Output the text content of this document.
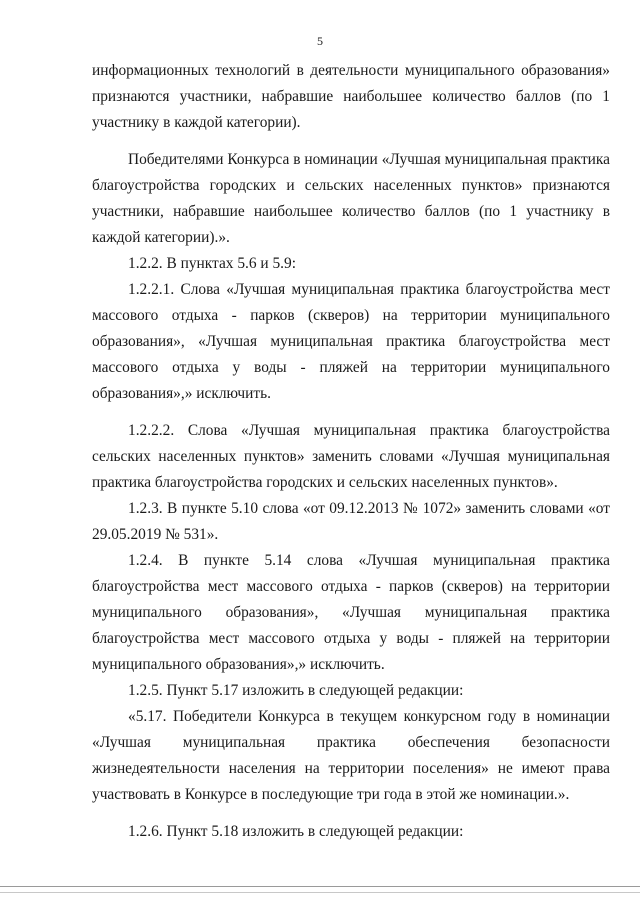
5

информационных технологий в деятельности муниципального образования» признаются участники, набравшие наибольшее количество баллов (по 1 участнику в каждой категории).

Победителями Конкурса в номинации «Лучшая муниципальная практика благоустройства городских и сельских населенных пунктов» признаются участники, набравшие наибольшее количество баллов (по 1 участнику в каждой категории).».

1.2.2. В пунктах 5.6 и 5.9:

1.2.2.1. Слова «Лучшая муниципальная практика благоустройства мест массового отдыха - парков (скверов) на территории муниципального образования», «Лучшая муниципальная практика благоустройства мест массового отдыха у воды - пляжей на территории муниципального образования»,» исключить.

1.2.2.2. Слова «Лучшая муниципальная практика благоустройства сельских населенных пунктов» заменить словами «Лучшая муниципальная практика благоустройства городских и сельских населенных пунктов».

1.2.3. В пункте 5.10 слова «от 09.12.2013 № 1072» заменить словами «от 29.05.2019 № 531».

1.2.4. В пункте 5.14 слова «Лучшая муниципальная практика благоустройства мест массового отдыха - парков (скверов) на территории муниципального образования», «Лучшая муниципальная практика благоустройства мест массового отдыха у воды - пляжей на территории муниципального образования»,» исключить.

1.2.5. Пункт 5.17 изложить в следующей редакции:

«5.17. Победители Конкурса в текущем конкурсном году в номинации «Лучшая муниципальная практика обеспечения безопасности жизнедеятельности населения на территории поселения» не имеют права участвовать в Конкурсе в последующие три года в этой же номинации.».

1.2.6. Пункт 5.18 изложить в следующей редакции:
